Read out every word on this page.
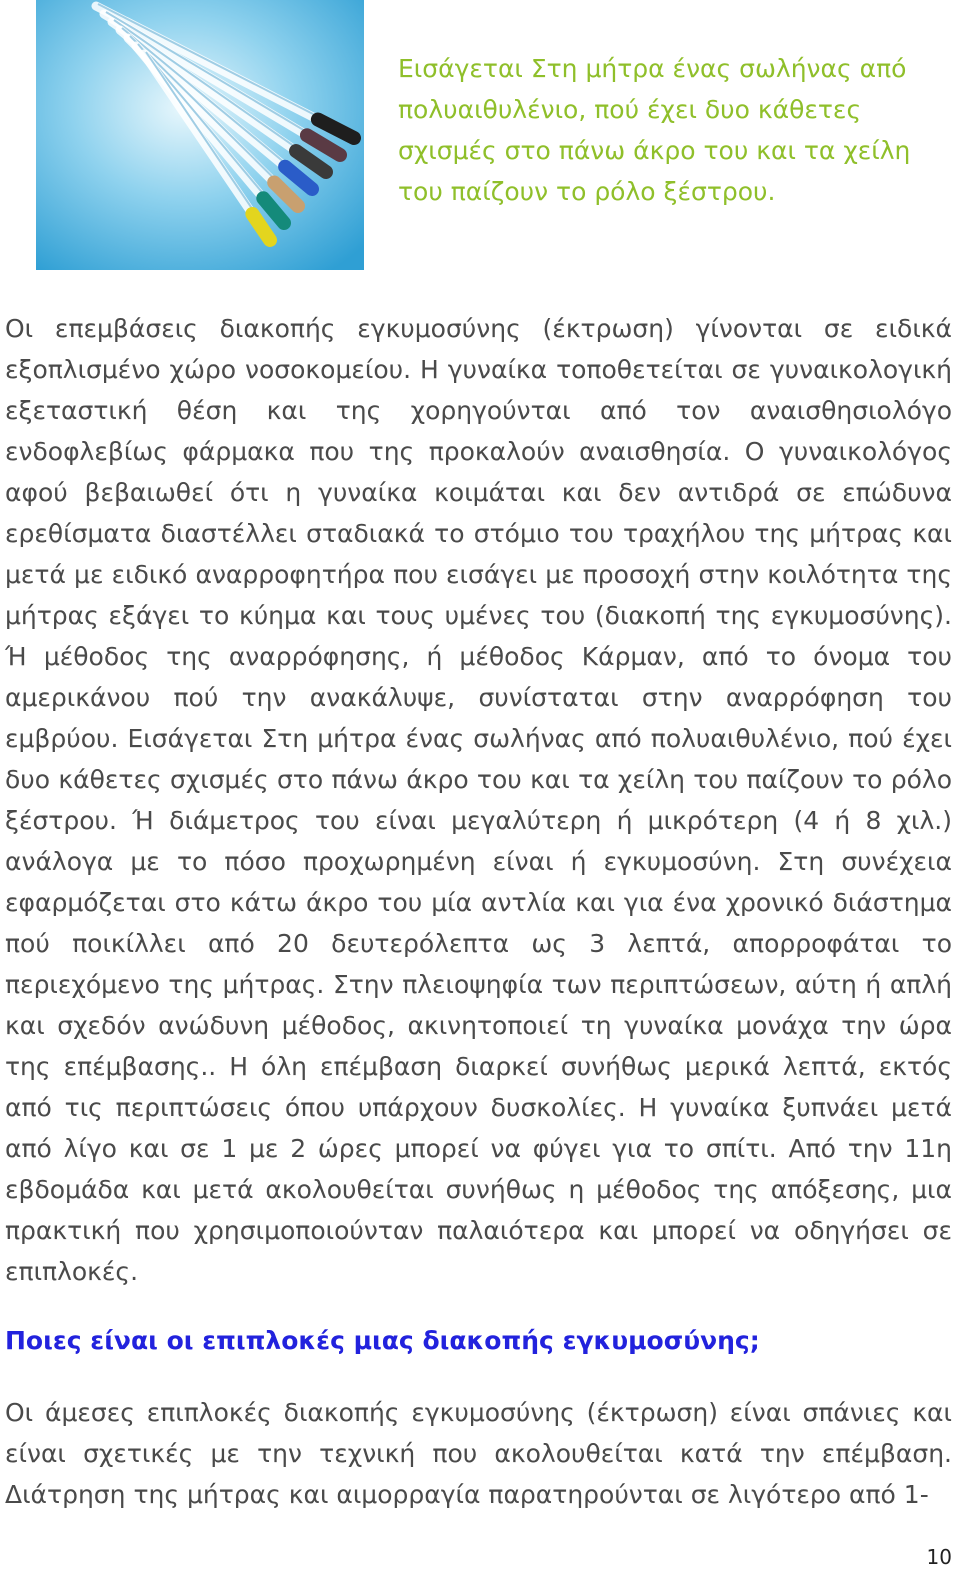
Εισάγεται Στη μήτρα ένας σωλήνας από πολυαιθυλένιο, πού έχει δυο κάθετες σχισμές στο πάνω άκρο του και τα χείλη του παίζουν το ρόλο ξέστρου.

Οι επεμβάσεις διακοπής εγκυμοσύνης (έκτρωση) γίνονται σε ειδικά εξοπλισμένο χώρο νοσοκομείου. Η γυναίκα τοποθετείται σε γυναικολογική εξεταστική θέση και της χορηγούνται από τον αναισθησιολόγο ενδοφλεβίως φάρμακα που της προκαλούν αναισθησία. Ο γυναικολόγος αφού βεβαιωθεί ότι η γυναίκα κοιμάται και δεν αντιδρά σε επώδυνα ερεθίσματα διαστέλλει σταδιακά το στόμιο του τραχήλου της μήτρας και μετά με ειδικό αναρροφητήρα που εισάγει με προσοχή στην κοιλότητα της μήτρας εξάγει το κύημα και τους υμένες του (διακοπή της εγκυμοσύνης). Ή μέθοδος της αναρρόφησης, ή μέθοδος Κάρμαν, από το όνομα του αμερικάνου πού την ανακάλυψε, συνίσταται στην αναρρόφηση του εμβρύου. Εισάγεται Στη μήτρα ένας σωλήνας από πολυαιθυλένιο, πού έχει δυο κάθετες σχισμές στο πάνω άκρο του και τα χείλη του παίζουν το ρόλο ξέστρου. Ή διάμετρος του είναι μεγαλύτερη ή μικρότερη (4 ή 8 χιλ.) ανάλογα με το πόσο προχωρημένη είναι ή εγκυμοσύνη. Στη συνέχεια εφαρμόζεται στο κάτω άκρο του μία αντλία και για ένα χρονικό διάστημα πού ποικίλλει από 20 δευτερόλεπτα ως 3 λεπτά, απορροφάται το περιεχόμενο της μήτρας. Στην πλειοψηφία των περιπτώσεων, αύτη ή απλή και σχεδόν ανώδυνη μέθοδος, ακινητοποιεί τη γυναίκα μονάχα την ώρα της επέμβασης.. Η όλη επέμβαση διαρκεί συνήθως μερικά λεπτά, εκτός από τις περιπτώσεις όπου υπάρχουν δυσκολίες. Η γυναίκα ξυπνάει μετά από λίγο και σε 1 με 2 ώρες μπορεί να φύγει για το σπίτι. Από την 11η εβδομάδα και μετά ακολουθείται συνήθως η μέθοδος της απόξεσης, μια πρακτική που χρησιμοποιούνταν παλαιότερα και μπορεί να οδηγήσει σε επιπλοκές.

Ποιες είναι οι επιπλοκές μιας διακοπής εγκυμοσύνης;

Οι άμεσες επιπλοκές διακοπής εγκυμοσύνης (έκτρωση) είναι σπάνιες και είναι σχετικές με την τεχνική που ακολουθείται κατά την επέμβαση. Διάτρηση της μήτρας και αιμορραγία παρατηρούνται σε λιγότερο από 1-

10
